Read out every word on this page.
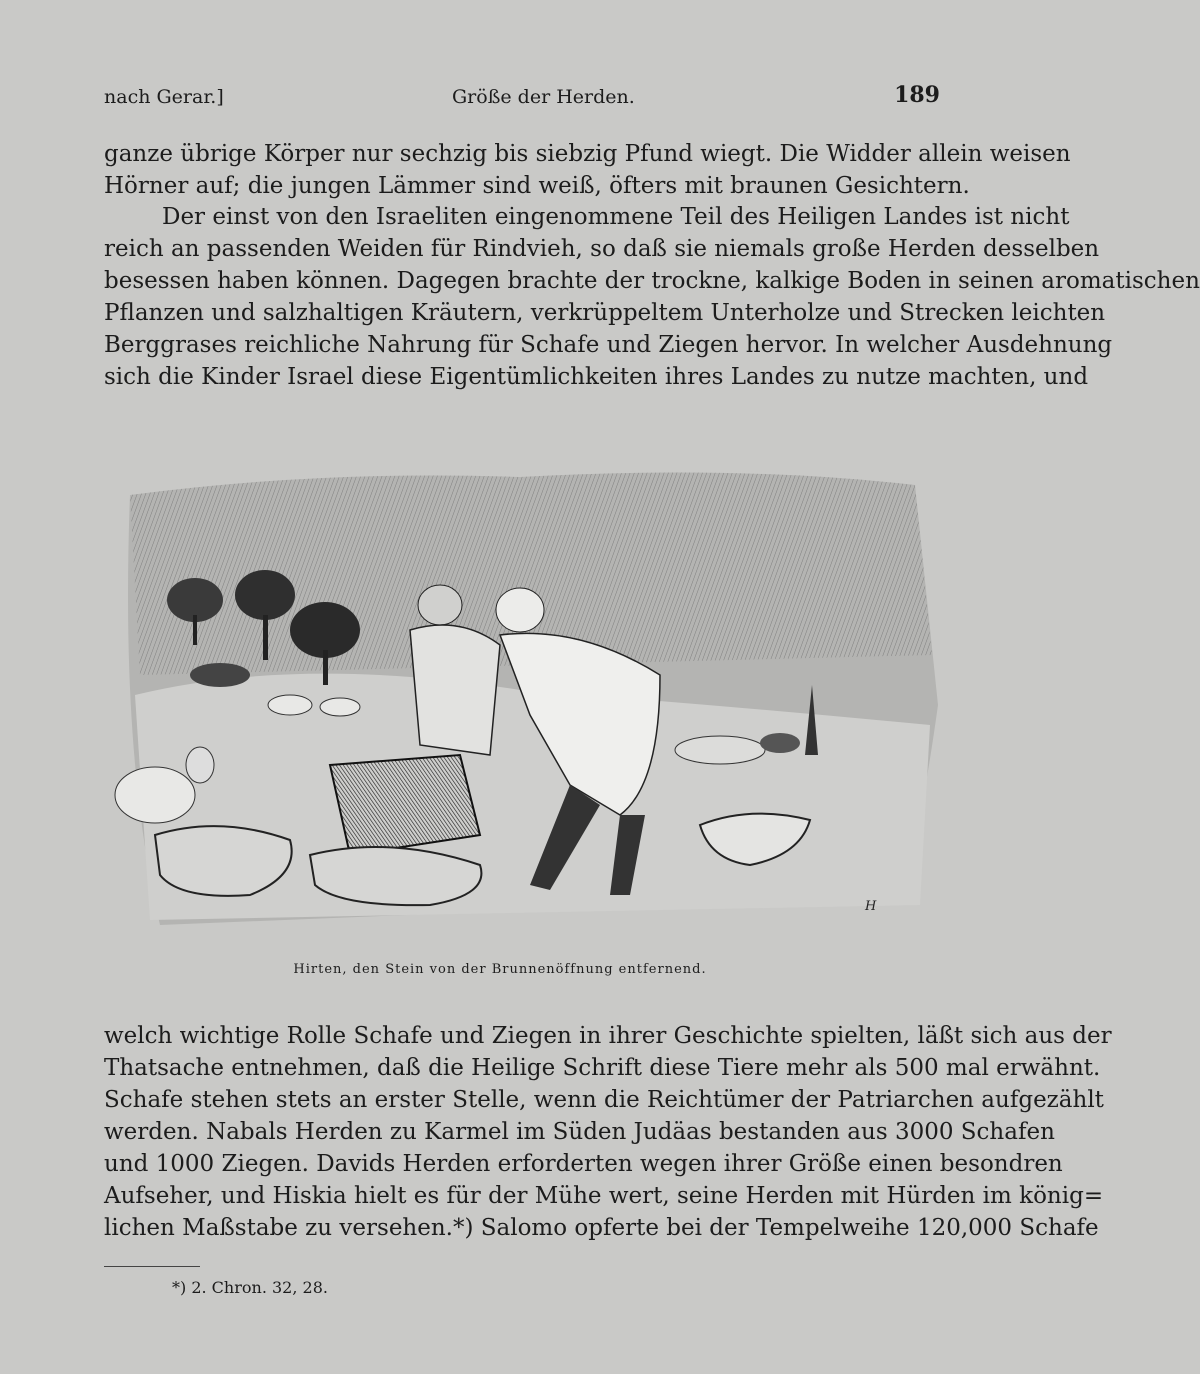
nach Gerar.]	Größe der Herden.	189
ganze übrige Körper nur sechzig bis siebzig Pfund wiegt. Die Widder allein weisen
Hörner auf; die jungen Lämmer sind weiß, öfters mit braunen Gesichtern.
Der einst von den Israeliten eingenommene Teil des Heiligen Landes ist nicht
reich an passenden Weiden für Rindvieh, so daß sie niemals große Herden desselben
besessen haben können. Dagegen brachte der trockne, kalkige Boden in seinen aromatischen
Pflanzen und salzhaltigen Kräutern, verkrüppeltem Unterholze und Strecken leichten
Berggrases reichliche Nahrung für Schafe und Ziegen hervor. In welcher Ausdehnung
sich die Kinder Israel diese Eigentümlichkeiten ihres Landes zu nutze machten, und
H
Hirten, den Stein von der Brunnenöffnung entfernend.
welch wichtige Rolle Schafe und Ziegen in ihrer Geschichte spielten, läßt sich aus der
Thatsache entnehmen, daß die Heilige Schrift diese Tiere mehr als 500 mal erwähnt.
Schafe stehen stets an erster Stelle, wenn die Reichtümer der Patriarchen aufgezählt
werden. Nabals Herden zu Karmel im Süden Judäas bestanden aus 3000 Schafen
und 1000 Ziegen. Davids Herden erforderten wegen ihrer Größe einen besondren
Aufseher, und Hiskia hielt es für der Mühe wert, seine Herden mit Hürden im könig=
lichen Maßstabe zu versehen.*) Salomo opferte bei der Tempelweihe 120,000 Schafe
*) 2. Chron. 32, 28.
